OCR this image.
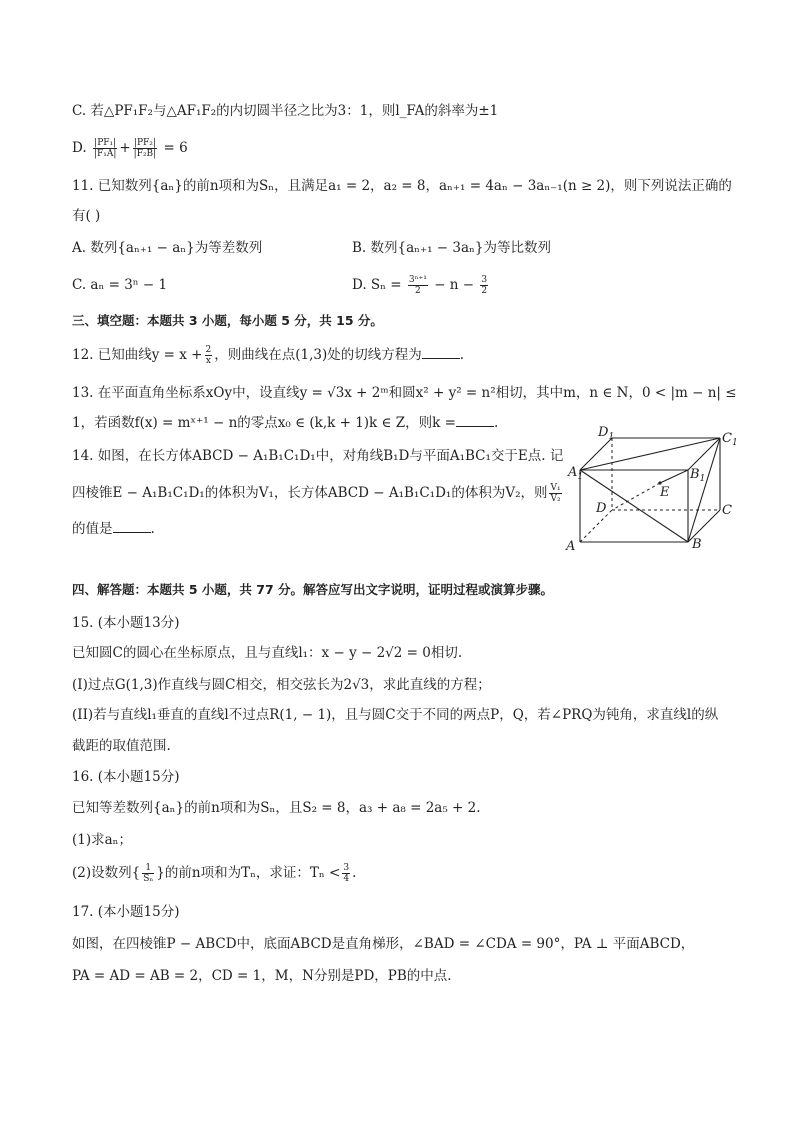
C. 若△PF₁F₂与△AF₁F₂的内切圆半径之比为3：1，则l_FA的斜率为±1
D. $\frac{\text{|PF₁|}}{\text{|F₁A|}} + \frac{\text{|PF₂|}}{\text{|F₂B|}} = 6$
11. 已知数列{aₙ}的前n项和为Sₙ，且满足a₁ = 2，a₂ = 8，aₙ₊₁ = 4aₙ − 3aₙ₋₁(n ≥ 2)，则下列说法正确的
有( )
A. 数列{aₙ₊₁ − aₙ}为等差数列	B. 数列{aₙ₊₁ − 3aₙ}为等比数列
C. aₙ = 3ⁿ − 1	D. $S_n = \frac{\text{3ⁿ⁺¹}}{2} - n - \frac{3}{2}$
三、填空题：本题共 3 小题，每小题 5 分，共 15 分。
12. 已知曲线$y = x + \frac{2}{x}$ ，则曲线在点(1,3)处的切线方程为	.
13. 在平面直角坐标系xOy中，设直线y = √3x + 2ᵐ和圆x² + y² = n²相切，其中m，n ∈ N，0 < |m − n| ≤
1，若函数f(x) = mˣ⁺¹ − n的零点x₀ ∈ (k,k + 1)k ∈ Z，则k =	.
14. 如图，在长方体ABCD − A₁B₁C₁D₁中，对角线B₁D与平面A₁BC₁交于E点. 记
四棱锥E − A₁B₁C₁D₁的体积为V₁，长方体ABCD − A₁B₁C₁D₁的体积为V₂，则 $\frac{\text{V₁}}{\text{V₂}}$
的值是	.
$D_1$	$C_1$
$A_1$	$B_1$
E
D	C
A	B
四、解答题：本题共 5 小题，共 77 分。解答应写出文字说明，证明过程或演算步骤。
15. (本小题13分)
已知圆C的圆心在坐标原点，且与直线l₁：x − y − 2√2 = 0相切.
(I)过点G(1,3)作直线与圆C相交，相交弦长为2√3，求此直线的方程；
(II)若与直线l₁垂直的直线l不过点R(1, − 1)，且与圆C交于不同的两点P，Q，若∠PRQ为钝角，求直线l的纵
截距的取值范围.
16. (本小题15分)
已知等差数列{aₙ}的前n项和为Sₙ，且S₂ = 8，a₃ + a₈ = 2a₅ + 2.
(1)求aₙ；
(2)设数列{ $\frac{1}{\text{Sₙ}}$ }的前n项和为Tₙ，求证：$T_n < \frac{3}{4}$ .
17. (本小题15分)
如图，在四棱锥P − ABCD中，底面ABCD是直角梯形，∠BAD = ∠CDA = 90°，PA ⊥ 平面ABCD，
PA = AD = AB = 2，CD = 1，M，N分别是PD，PB的中点.
